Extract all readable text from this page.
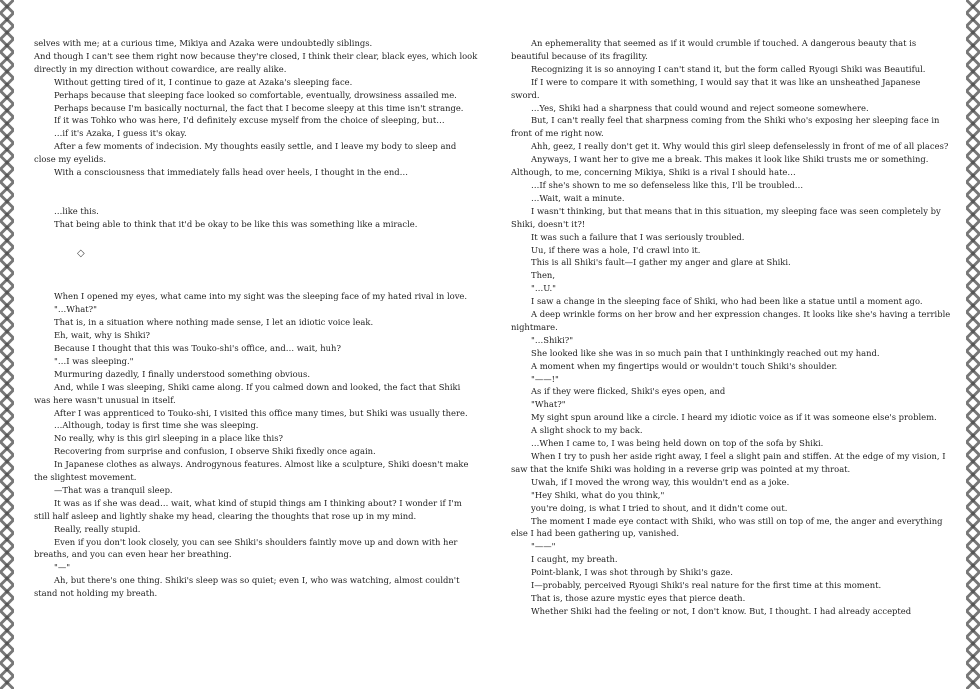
selves with me; at a curious time, Mikiya and Azaka were undoubtedly siblings.

And though I can't see them right now because they're closed, I think their clear, black eyes, which look directly in my direction without cowardice, are really alike.

Without getting tired of it, I continue to gaze at Azaka's sleeping face.

Perhaps because that sleeping face looked so comfortable, eventually, drowsiness assailed me.

Perhaps because I'm basically nocturnal, the fact that I become sleepy at this time isn't strange.

If it was Tohko who was here, I'd definitely excuse myself from the choice of sleeping, but…

…if it's Azaka, I guess it's okay.

After a few moments of indecision. My thoughts easily settle, and I leave my body to sleep and close my eyelids.

With a consciousness that immediately falls head over heels, I thought in the end…

…like this.

That being able to think that it'd be okay to be like this was something like a miracle.

◇

When I opened my eyes, what came into my sight was the sleeping face of my hated rival in love.

"…What?"

That is, in a situation where nothing made sense, I let an idiotic voice leak.

Eh, wait, why is Shiki?

Because I thought that this was Touko-shi's office, and… wait, huh?

"…I was sleeping."

Murmuring dazedly, I finally understood something obvious.

And, while I was sleeping, Shiki came along. If you calmed down and looked, the fact that Shiki was here wasn't unusual in itself.

After I was apprenticed to Touko-shi, I visited this office many times, but Shiki was usually there.

…Although, today is first time she was sleeping.

No really, why is this girl sleeping in a place like this?

Recovering from surprise and confusion, I observe Shiki fixedly once again.

In Japanese clothes as always. Androgynous features. Almost like a sculpture, Shiki doesn't make the slightest movement.

—That was a tranquil sleep.

It was as if she was dead… wait, what kind of stupid things am I thinking about? I wonder if I'm still half asleep and lightly shake my head, clearing the thoughts that rose up in my mind.

Really, really stupid.

Even if you don't look closely, you can see Shiki's shoulders faintly move up and down with her breaths, and you can even hear her breathing.

"—"

Ah, but there's one thing. Shiki's sleep was so quiet; even I, who was watching, almost couldn't stand not holding my breath.

An ephemerality that seemed as if it would crumble if touched. A dangerous beauty that is beautiful because of its fragility.

Recognizing it is so annoying I can't stand it, but the form called Ryougi Shiki was Beautiful.

If I were to compare it with something, I would say that it was like an unsheathed Japanese sword.

…Yes, Shiki had a sharpness that could wound and reject someone somewhere.

But, I can't really feel that sharpness coming from the Shiki who's exposing her sleeping face in front of me right now.

Ahh, geez, I really don't get it. Why would this girl sleep defenselessly in front of me of all places?

Anyways, I want her to give me a break. This makes it look like Shiki trusts me or something. Although, to me, concerning Mikiya, Shiki is a rival I should hate…

…If she's shown to me so defenseless like this, I'll be troubled…

…Wait, wait a minute.

I wasn't thinking, but that means that in this situation, my sleeping face was seen completely by Shiki, doesn't it?!

It was such a failure that I was seriously troubled.

Uu, if there was a hole, I'd crawl into it.

This is all Shiki's fault—I gather my anger and glare at Shiki.

Then,

"…U."

I saw a change in the sleeping face of Shiki, who had been like a statue until a moment ago.

A deep wrinkle forms on her brow and her expression changes. It looks like she's having a terrible nightmare.

"…Shiki?"

She looked like she was in so much pain that I unthinkingly reached out my hand.

A moment when my fingertips would or wouldn't touch Shiki's shoulder.

"——!"

As if they were flicked, Shiki's eyes open, and

"What?"

My sight spun around like a circle. I heard my idiotic voice as if it was someone else's problem.

A slight shock to my back.

…When I came to, I was being held down on top of the sofa by Shiki.

When I try to push her aside right away, I feel a slight pain and stiffen. At the edge of my vision, I saw that the knife Shiki was holding in a reverse grip was pointed at my throat.

Uwah, if I moved the wrong way, this wouldn't end as a joke.

"Hey Shiki, what do you think,"

you're doing, is what I tried to shout, and it didn't come out.

The moment I made eye contact with Shiki, who was still on top of me, the anger and everything else I had been gathering up, vanished.

"——"

I caught, my breath.

Point-blank, I was shot through by Shiki's gaze.

I—probably, perceived Ryougi Shiki's real nature for the first time at this moment.

That is, those azure mystic eyes that pierce death.

Whether Shiki had the feeling or not, I don't know. But, I thought. I had already accepted
